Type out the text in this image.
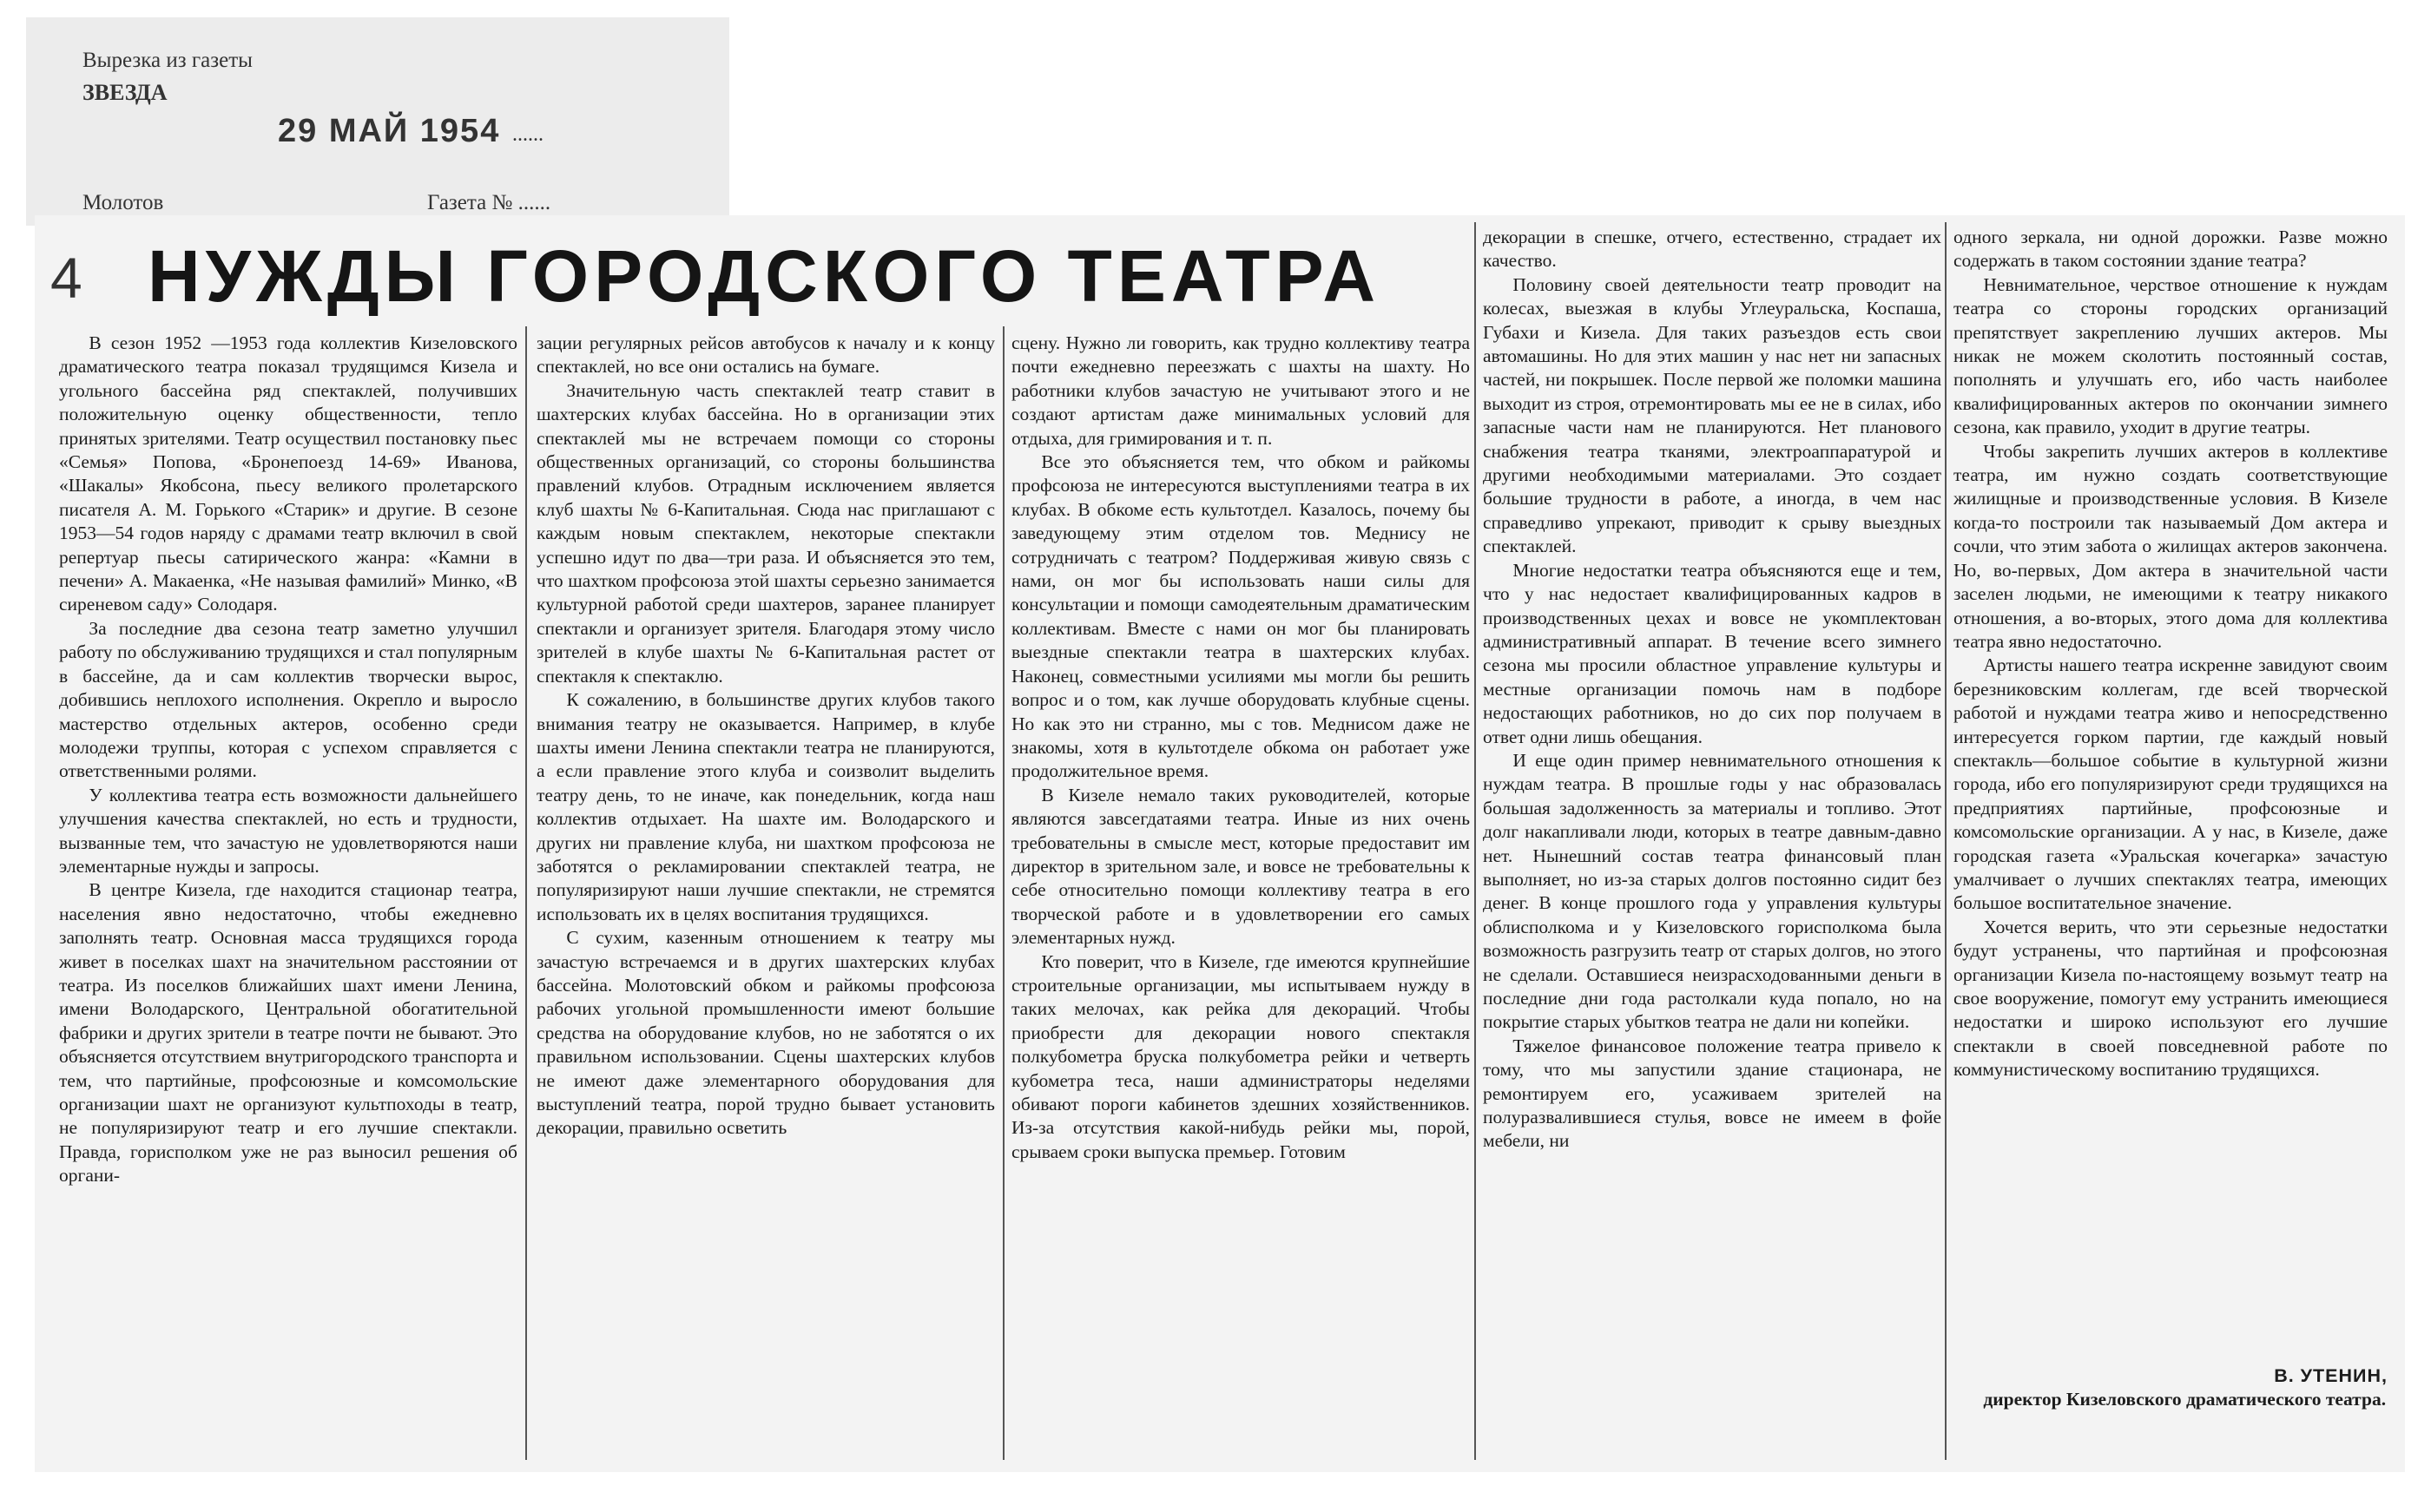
Вырезка из газеты
ЗВЕЗДА
29 МАЙ 1954 ......
Молотов	Газета № ......
4 НУЖДЫ ГОРОДСКОГО ТЕАТРА

В сезон 1952 —1953 года коллектив Кизеловского драматического театра показал трудящимся Кизела и угольного бассейна ряд спектаклей, получивших положительную оценку общественности, тепло принятых зрителями. Театр осуществил постановку пьес «Семья» Попова, «Бронепоезд 14-69» Иванова, «Шакалы» Якобсона, пьесу великого пролетарского писателя А. М. Горького «Старик» и другие. В сезоне 1953—54 годов наряду с драмами театр включил в свой репертуар пьесы сатирического жанра: «Камни в печени» А. Макаенка, «Не называя фамилий» Минко, «В сиреневом саду» Солодаря.

За последние два сезона театр заметно улучшил работу по обслуживанию трудящихся и стал популярным в бассейне, да и сам коллектив творчески вырос, добившись неплохого исполнения. Окрепло и выросло мастерство отдельных актеров, особенно среди молодежи труппы, которая с успехом справляется с ответственными ролями.

У коллектива театра есть возможности дальнейшего улучшения качества спектаклей, но есть и трудности, вызванные тем, что зачастую не удовлетворяются наши элементарные нужды и запросы.

В центре Кизела, где находится стационар театра, населения явно недостаточно, чтобы ежедневно заполнять театр. Основная масса трудящихся города живет в поселках шахт на значительном расстоянии от театра. Из поселков ближайших шахт имени Ленина, имени Володарского, Центральной обогатительной фабрики и других зрители в театре почти не бывают. Это объясняется отсутствием внутригородского транспорта и тем, что партийные, профсоюзные и комсомольские организации шахт не организуют культпоходы в театр, не популяризируют театр и его лучшие спектакли. Правда, горисполком уже не раз выносил решения об органи-

зации регулярных рейсов автобусов к началу и к концу спектаклей, но все они остались на бумаге.

Значительную часть спектаклей театр ставит в шахтерских клубах бассейна. Но в организации этих спектаклей мы не встречаем помощи со стороны общественных организаций, со стороны большинства правлений клубов. Отрадным исключением является клуб шахты № 6-Капитальная. Сюда нас приглашают с каждым новым спектаклем, некоторые спектакли успешно идут по два—три раза. И объясняется это тем, что шахтком профсоюза этой шахты серьезно занимается культурной работой среди шахтеров, заранее планирует спектакли и организует зрителя. Благодаря этому число зрителей в клубе шахты № 6-Капитальная растет от спектакля к спектаклю.

К сожалению, в большинстве других клубов такого внимания театру не оказывается. Например, в клубе шахты имени Ленина спектакли театра не планируются, а если правление этого клуба и соизволит выделить театру день, то не иначе, как понедельник, когда наш коллектив отдыхает. На шахте им. Володарского и других ни правление клуба, ни шахтком профсоюза не заботятся о рекламировании спектаклей театра, не популяризируют наши лучшие спектакли, не стремятся использовать их в целях воспитания трудящихся.

С сухим, казенным отношением к театру мы зачастую встречаемся и в других шахтерских клубах бассейна. Молотовский обком и райкомы профсоюза рабочих угольной промышленности имеют большие средства на оборудование клубов, но не заботятся о их правильном использовании. Сцены шахтерских клубов не имеют даже элементарного оборудования для выступлений театра, порой трудно бывает установить декорации, правильно осветить

сцену. Нужно ли говорить, как трудно коллективу театра почти ежедневно переезжать с шахты на шахту. Но работники клубов зачастую не учитывают этого и не создают артистам даже минимальных условий для отдыха, для гримирования и т. п.

Все это объясняется тем, что обком и райкомы профсоюза не интересуются выступлениями театра в их клубах. В обкоме есть культотдел. Казалось, почему бы заведующему этим отделом тов. Меднису не сотрудничать с театром? Поддерживая живую связь с нами, он мог бы использовать наши силы для консультации и помощи самодеятельным драматическим коллективам. Вместе с нами он мог бы планировать выездные спектакли театра в шахтерских клубах. Наконец, совместными усилиями мы могли бы решить вопрос и о том, как лучше оборудовать клубные сцены. Но как это ни странно, мы с тов. Меднисом даже не знакомы, хотя в культотделе обкома он работает уже продолжительное время.

В Кизеле немало таких руководителей, которые являются завсегдатаями театра. Иные из них очень требовательны в смысле мест, которые предоставит им директор в зрительном зале, и вовсе не требовательны к себе относительно помощи коллективу театра в его творческой работе и в удовлетворении его самых элементарных нужд.

Кто поверит, что в Кизеле, где имеются крупнейшие строительные организации, мы испытываем нужду в таких мелочах, как рейка для декораций. Чтобы приобрести для декорации нового спектакля полкубометра бруска полкубометра рейки и четверть кубометра теса, наши администраторы неделями обивают пороги кабинетов здешних хозяйственников. Из-за отсутствия какой-нибудь рейки мы, порой, срываем сроки выпуска премьер. Готовим

декорации в спешке, отчего, естественно, страдает их качество.

Половину своей деятельности театр проводит на колесах, выезжая в клубы Углеуральска, Коспаша, Губахи и Кизела. Для таких разъездов есть свои автомашины. Но для этих машин у нас нет ни запасных частей, ни покрышек. После первой же поломки машина выходит из строя, отремонтировать мы ее не в силах, ибо запасные части нам не планируются. Нет планового снабжения театра тканями, электроаппаратурой и другими необходимыми материалами. Это создает большие трудности в работе, а иногда, в чем нас справедливо упрекают, приводит к срыву выездных спектаклей.

Многие недостатки театра объясняются еще и тем, что у нас недостает квалифицированных кадров в производственных цехах и вовсе не укомплектован административный аппарат. В течение всего зимнего сезона мы просили областное управление культуры и местные организации помочь нам в подборе недостающих работников, но до сих пор получаем в ответ одни лишь обещания.

И еще один пример невнимательного отношения к нуждам театра. В прошлые годы у нас образовалась большая задолженность за материалы и топливо. Этот долг накапливали люди, которых в театре давным-давно нет. Нынешний состав театра финансовый план выполняет, но из-за старых долгов постоянно сидит без денег. В конце прошлого года у управления культуры облисполкома и у Кизеловского горисполкома была возможность разгрузить театр от старых долгов, но этого не сделали. Оставшиеся неизрасходованными деньги в последние дни года растолкали куда попало, но на покрытие старых убытков театра не дали ни копейки.

Тяжелое финансовое положение театра привело к тому, что мы запустили здание стационара, не ремонтируем его, усаживаем зрителей на полуразвалившиеся стулья, вовсе не имеем в фойе мебели, ни

одного зеркала, ни одной дорожки. Разве можно содержать в таком состоянии здание театра?

Невнимательное, черствое отношение к нуждам театра со стороны городских организаций препятствует закреплению лучших актеров. Мы никак не можем сколотить постоянный состав, пополнять и улучшать его, ибо часть наиболее квалифицированных актеров по окончании зимнего сезона, как правило, уходит в другие театры.

Чтобы закрепить лучших актеров в коллективе театра, им нужно создать соответствующие жилищные и производственные условия. В Кизеле когда-то построили так называемый Дом актера и сочли, что этим забота о жилищах актеров закончена. Но, во-первых, Дом актера в значительной части заселен людьми, не имеющими к театру никакого отношения, а во-вторых, этого дома для коллектива театра явно недостаточно.

Артисты нашего театра искренне завидуют своим березниковским коллегам, где всей творческой работой и нуждами театра живо и непосредственно интересуется горком партии, где каждый новый спектакль—большое событие в культурной жизни города, ибо его популяризируют среди трудящихся на предприятиях партийные, профсоюзные и комсомольские организации. А у нас, в Кизеле, даже городская газета «Уральская кочегарка» зачастую умалчивает о лучших спектаклях театра, имеющих большое воспитательное значение.

Хочется верить, что эти серьезные недостатки будут устранены, что партийная и профсоюзная организации Кизела по-настоящему возьмут театр на свое вооружение, помогут ему устранить имеющиеся недостатки и широко используют его лучшие спектакли в своей повседневной работе по коммунистическому воспитанию трудящихся.

В. УТЕНИН,
директор Кизеловского драматического театра.
